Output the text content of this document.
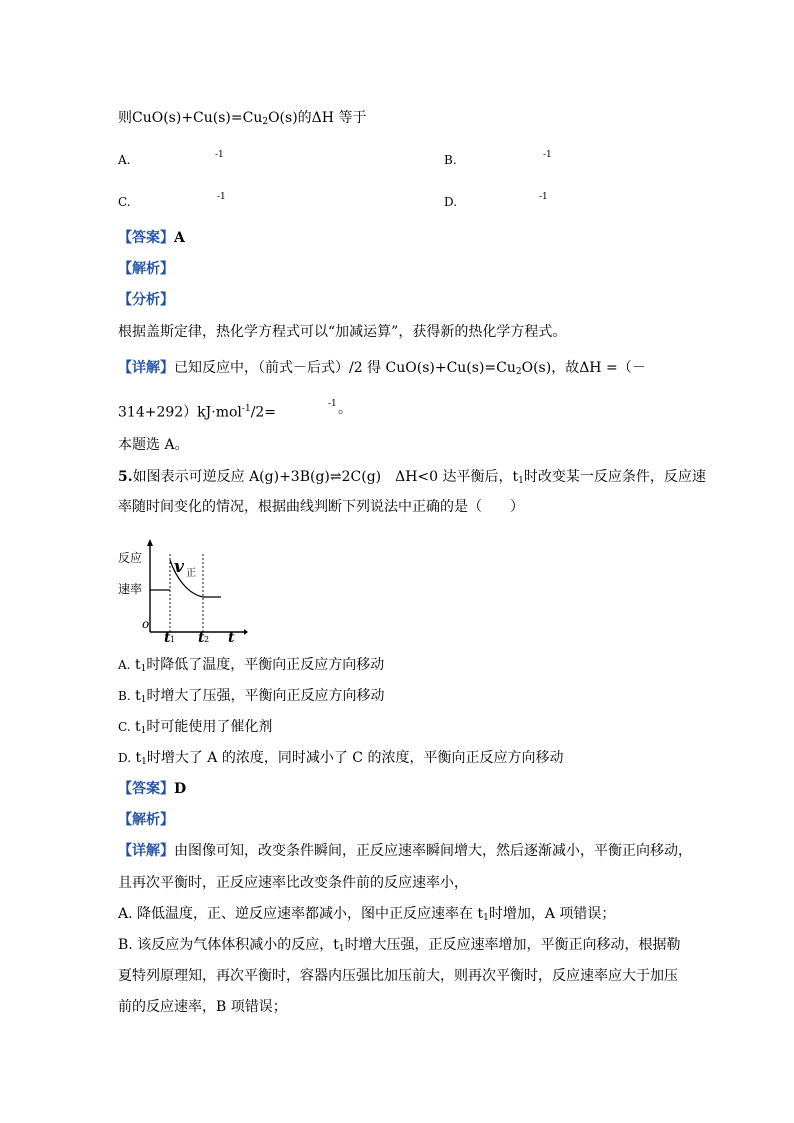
则$CuO(s)+Cu(s)=Cu_2O(s)$的ΔH 等于
A.	-1	B.	-1
C.	-1	D.	-1
【答案】A
【解析】
【分析】
根据盖斯定律，热化学方程式可以“加减运算”，获得新的热化学方程式。
【详解】已知反应中，（前式－后式）/2 得 $CuO(s)+Cu(s)=Cu_2O(s)$，故ΔH =（－
314+292）kJ·mol$^{-1}$/2=
-1 。
本题选 A。
5.如图表示可逆反应 A(g)+3B(g)⇌2C(g)　ΔH<0 达平衡后，$t_1$时改变某一反应条件，反应速
率随时间变化的情况，根据曲线判断下列说法中正确的是（　　）
反应
速率
v 正
o
t 1 t 2 t
A. $t_1$时降低了温度，平衡向正反应方向移动
B. $t_1$时增大了压强，平衡向正反应方向移动
C. $t_1$时可能使用了催化剂
D. $t_1$时增大了 A 的浓度，同时减小了 C 的浓度，平衡向正反应方向移动
【答案】D
【解析】
【详解】由图像可知，改变条件瞬间，正反应速率瞬间增大，然后逐渐减小，平衡正向移动，
且再次平衡时，正反应速率比改变条件前的反应速率小，
A. 降低温度，正、逆反应速率都减小，图中正反应速率在 $t_1$时增加，A 项错误；
B. 该反应为气体体积减小的反应，$t_1$时增大压强，正反应速率增加，平衡正向移动，根据勒
夏特列原理知，再次平衡时，容器内压强比加压前大，则再次平衡时，反应速率应大于加压
前的反应速率，B 项错误；
